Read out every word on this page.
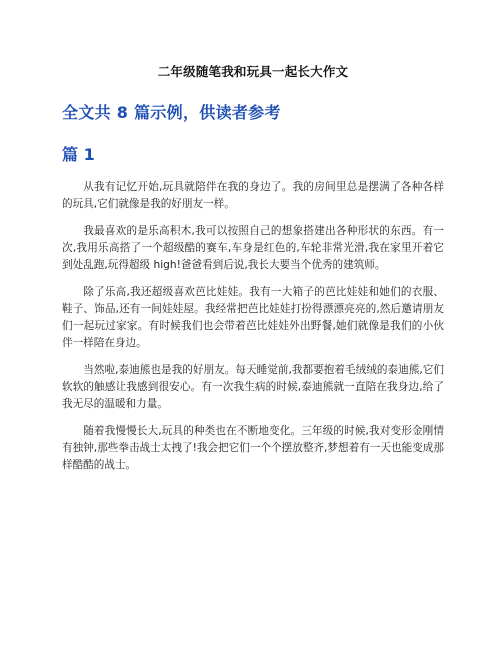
二年级随笔我和玩具一起长大作文
全文共 8 篇示例，供读者参考
篇 1

从我有记忆开始,玩具就陪伴在我的身边了。我的房间里总是摆满了各种各样的玩具,它们就像是我的好朋友一样。

我最喜欢的是乐高积木,我可以按照自己的想象搭建出各种形状的东西。有一次,我用乐高搭了一个超级酷的赛车,车身是红色的,车轮非常光滑,我在家里开着它到处乱跑,玩得超级 high!爸爸看到后说,我长大要当个优秀的建筑师。

除了乐高,我还超级喜欢芭比娃娃。我有一大箱子的芭比娃娃和她们的衣服、鞋子、饰品,还有一间娃娃屋。我经常把芭比娃娃打扮得漂漂亮亮的,然后邀请朋友们一起玩过家家。有时候我们也会带着芭比娃娃外出野餐,她们就像是我们的小伙伴一样陪在身边。

当然啦,泰迪熊也是我的好朋友。每天睡觉前,我都要抱着毛绒绒的泰迪熊,它们软软的触感让我感到很安心。有一次我生病的时候,泰迪熊就一直陪在我身边,给了我无尽的温暖和力量。

随着我慢慢长大,玩具的种类也在不断地变化。三年级的时候,我对变形金刚情有独钟,那些拳击战士太拽了!我会把它们一个个摆放整齐,梦想着有一天也能变成那样酷酷的战士。
